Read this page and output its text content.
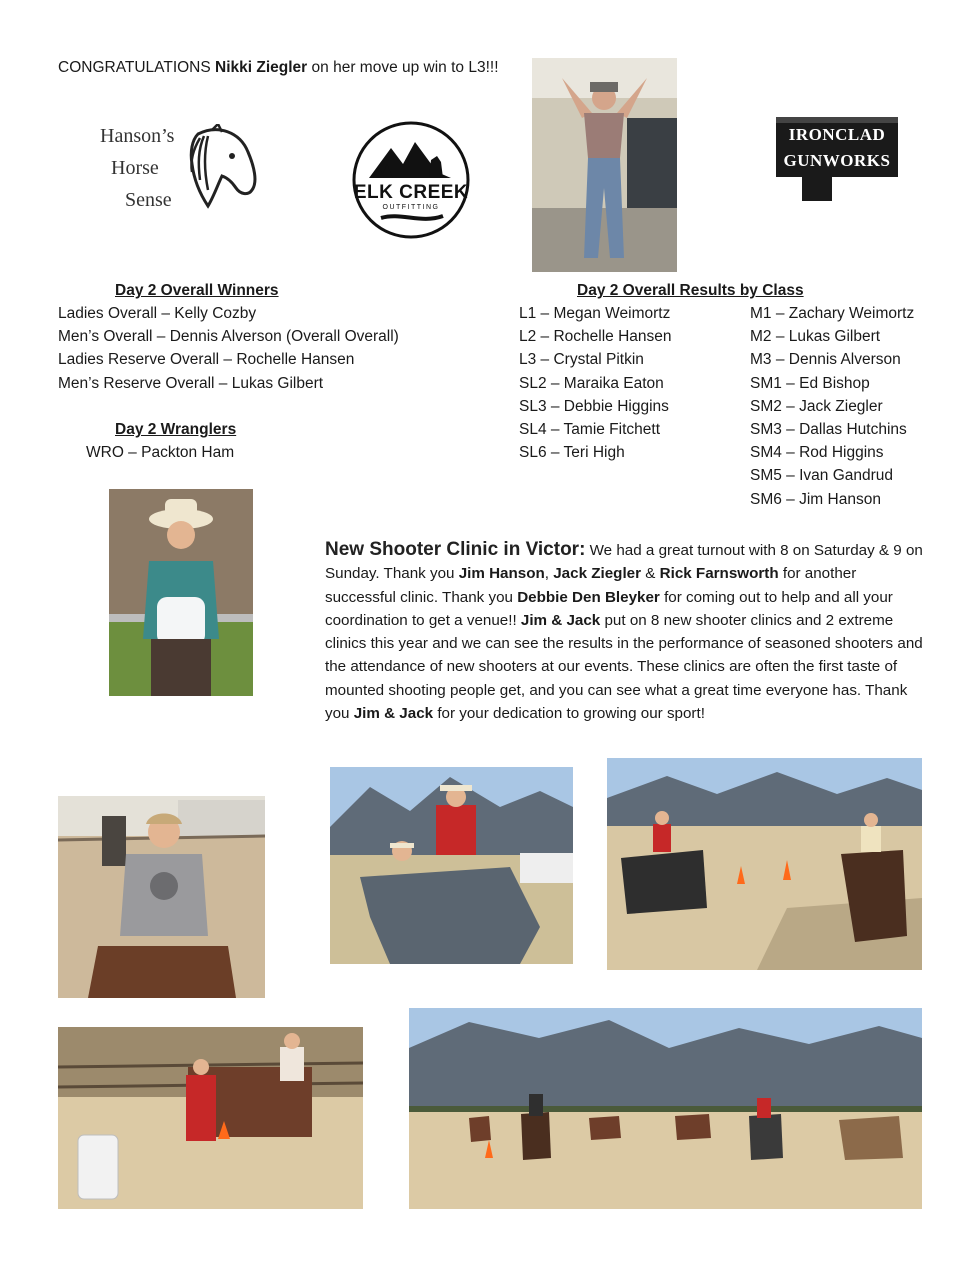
CONGRATULATIONS Nikki Ziegler on her move up win to L3!!!
Hanson’s
Horse
Sense	ELK CREEK
OUTFITTING
IRONCLAD
GUNWORKS
Day 2 Overall Winners
Ladies Overall – Kelly Cozby
Men’s Overall – Dennis Alverson (Overall Overall)
Ladies Reserve Overall – Rochelle Hansen
Men’s Reserve Overall – Lukas Gilbert
Day 2 Wranglers
WRO – Packton Ham
Day 2 Overall Results by Class
L1 – Megan Weimortz
L2 – Rochelle Hansen
L3 – Crystal Pitkin
SL2 – Maraika Eaton
SL3 – Debbie Higgins
SL4 – Tamie Fitchett
SL6 – Teri High
M1 – Zachary Weimortz
M2 – Lukas Gilbert
M3 – Dennis Alverson
SM1 – Ed Bishop
SM2 – Jack Ziegler
SM3 – Dallas Hutchins
SM4 – Rod Higgins
SM5 – Ivan Gandrud
SM6 – Jim Hanson
New Shooter Clinic in Victor: We had a great turnout with 8 on Saturday & 9 on Sunday. Thank you Jim Hanson, Jack Ziegler & Rick Farnsworth for another successful clinic. Thank you Debbie Den Bleyker for coming out to help and all your coordination to get a venue!! Jim & Jack put on 8 new shooter clinics and 2 extreme clinics this year and we can see the results in the performance of seasoned shooters and the attendance of new shooters at our events. These clinics are often the first taste of mounted shooting people get, and you can see what a great time everyone has. Thank you Jim & Jack for your dedication to growing our sport!
